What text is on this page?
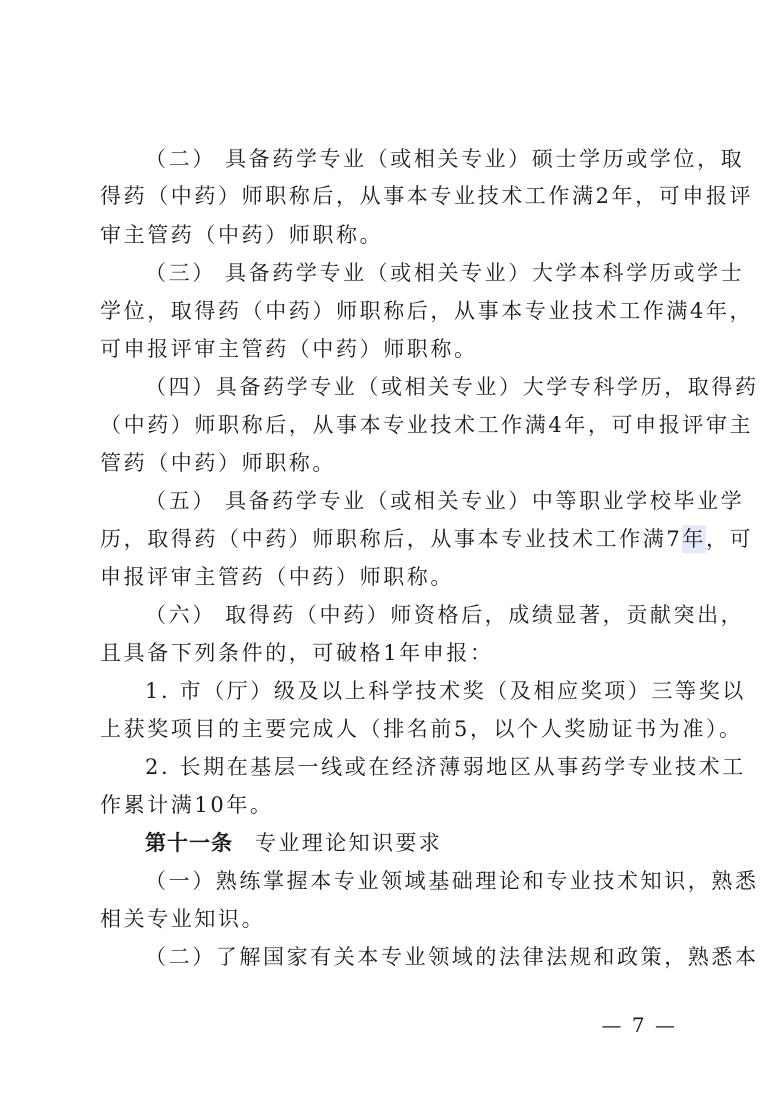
（二） 具备药学专业（或相关专业）硕士学历或学位，取
得药（中药）师职称后，从事本专业技术工作满2年，可申报评
审主管药（中药）师职称。
（三） 具备药学专业（或相关专业）大学本科学历或学士
学位，取得药（中药）师职称后，从事本专业技术工作满4年，
可申报评审主管药（中药）师职称。
（四）具备药学专业（或相关专业）大学专科学历，取得药
（中药）师职称后，从事本专业技术工作满4年，可申报评审主
管药（中药）师职称。
（五） 具备药学专业（或相关专业）中等职业学校毕业学
历，取得药（中药）师职称后，从事本专业技术工作满7年，可
申报评审主管药（中药）师职称。
（六） 取得药（中药）师资格后，成绩显著，贡献突出，
且具备下列条件的，可破格1年申报：
1. 市（厅）级及以上科学技术奖（及相应奖项）三等奖以
上获奖项目的主要完成人（排名前5，以个人奖励证书为准）。
2. 长期在基层一线或在经济薄弱地区从事药学专业技术工
作累计满10年。
第十一条 专业理论知识要求
（一）熟练掌握本专业领域基础理论和专业技术知识，熟悉
相关专业知识。
（二）了解国家有关本专业领域的法律法规和政策，熟悉本
— 7 —
